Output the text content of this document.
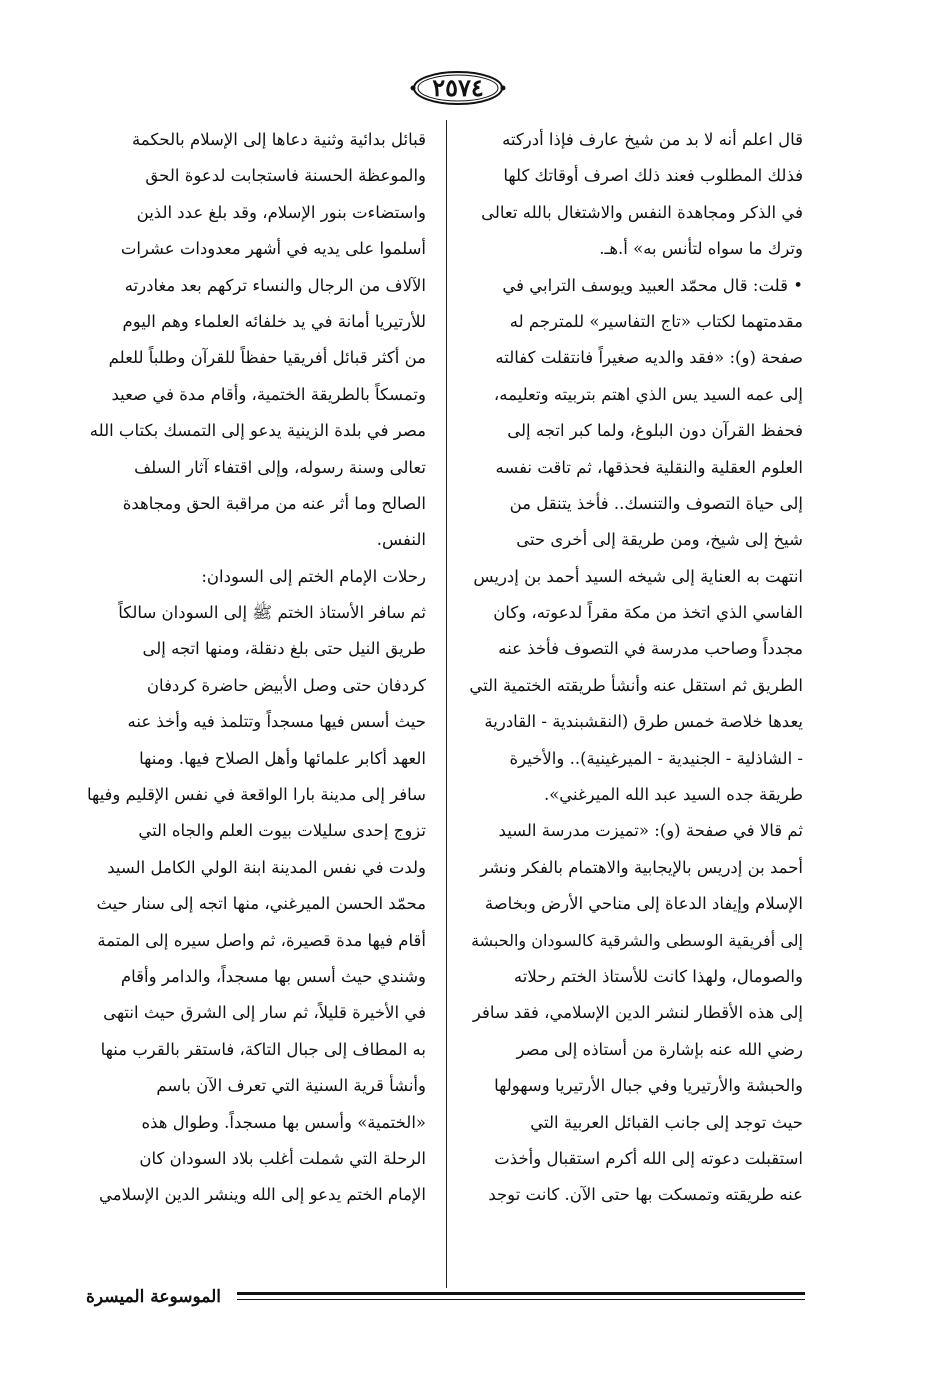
٢٥٧٤
قال اعلم أنه لا بد من شيخ عارف فإذا أدركته
فذلك المطلوب فعند ذلك اصرف أوقاتك كلها
في الذكر ومجاهدة النفس والاشتغال بالله تعالى
وترك ما سواه لتأنس به» أ.هـ.
• قلت: قال محمّد العبيد ويوسف الترابي في
مقدمتهما لكتاب «تاج التفاسير» للمترجم له
صفحة (و): «فقد والديه صغيراً فانتقلت كفالته
إلى عمه السيد يس الذي اهتم بتربيته وتعليمه،
فحفظ القرآن دون البلوغ، ولما كبر اتجه إلى
العلوم العقلية والنقلية فحذقها، ثم تاقت نفسه
إلى حياة التصوف والتنسك.. فأخذ يتنقل من
شيخ إلى شيخ، ومن طريقة إلى أخرى حتى
انتهت به العناية إلى شيخه السيد أحمد بن إدريس
الفاسي الذي اتخذ من مكة مقراً لدعوته، وكان
مجدداً وصاحب مدرسة في التصوف فأخذ عنه
الطريق ثم استقل عنه وأنشأ طريقته الختمية التي
يعدها خلاصة خمس طرق (النقشبندية - القادرية
- الشاذلية - الجنيدية - الميرغينية).. والأخيرة
طريقة جده السيد عبد الله الميرغني».
ثم قالا في صفحة (و): «تميزت مدرسة السيد
أحمد بن إدريس بالإيجابية والاهتمام بالفكر ونشر
الإسلام وإيفاد الدعاة إلى مناحي الأرض وبخاصة
إلى أفريقية الوسطى والشرقية كالسودان والحبشة
والصومال، ولهذا كانت للأستاذ الختم رحلاته
إلى هذه الأقطار لنشر الدين الإسلامي، فقد سافر
رضي الله عنه بإشارة من أستاذه إلى مصر
والحبشة والأرتيريا وفي جبال الأرتيريا وسهولها
حيث توجد إلى جانب القبائل العربية التي
استقبلت دعوته إلى الله أكرم استقبال وأخذت
عنه طريقته وتمسكت بها حتى الآن. كانت توجد
قبائل بدائية وثنية دعاها إلى الإسلام بالحكمة
والموعظة الحسنة فاستجابت لدعوة الحق
واستضاءت بنور الإسلام، وقد بلغ عدد الذين
أسلموا على يديه في أشهر معدودات عشرات
الآلاف من الرجال والنساء تركهم بعد مغادرته
للأرتيريا أمانة في يد خلفائه العلماء وهم اليوم
من أكثر قبائل أفريقيا حفظاً للقرآن وطلباً للعلم
وتمسكاً بالطريقة الختمية، وأقام مدة في صعيد
مصر في بلدة الزينية يدعو إلى التمسك بكتاب الله
تعالى وسنة رسوله، وإلى اقتفاء آثار السلف
الصالح وما أثر عنه من مراقبة الحق ومجاهدة
النفس.
رحلات الإمام الختم إلى السودان:
ثم سافر الأستاذ الختم ﷺ إلى السودان سالكاً
طريق النيل حتى بلغ دنقلة، ومنها اتجه إلى
كردفان حتى وصل الأبيض حاضرة كردفان
حيث أسس فيها مسجداً وتتلمذ فيه وأخذ عنه
العهد أكابر علمائها وأهل الصلاح فيها. ومنها
سافر إلى مدينة بارا الواقعة في نفس الإقليم وفيها
تزوج إحدى سليلات بيوت العلم والجاه التي
ولدت في نفس المدينة ابنة الولي الكامل السيد
محمّد الحسن الميرغني، منها اتجه إلى سنار حيث
أقام فيها مدة قصيرة، ثم واصل سيره إلى المتمة
وشندي حيث أسس بها مسجداً، والدامر وأقام
في الأخيرة قليلاً، ثم سار إلى الشرق حيث انتهى
به المطاف إلى جبال التاكة، فاستقر بالقرب منها
وأنشأ قرية السنية التي تعرف الآن باسم
«الختمية» وأسس بها مسجداً. وطوال هذه
الرحلة التي شملت أغلب بلاد السودان كان
الإمام الختم يدعو إلى الله وينشر الدين الإسلامي
الموسوعة الميسرة
